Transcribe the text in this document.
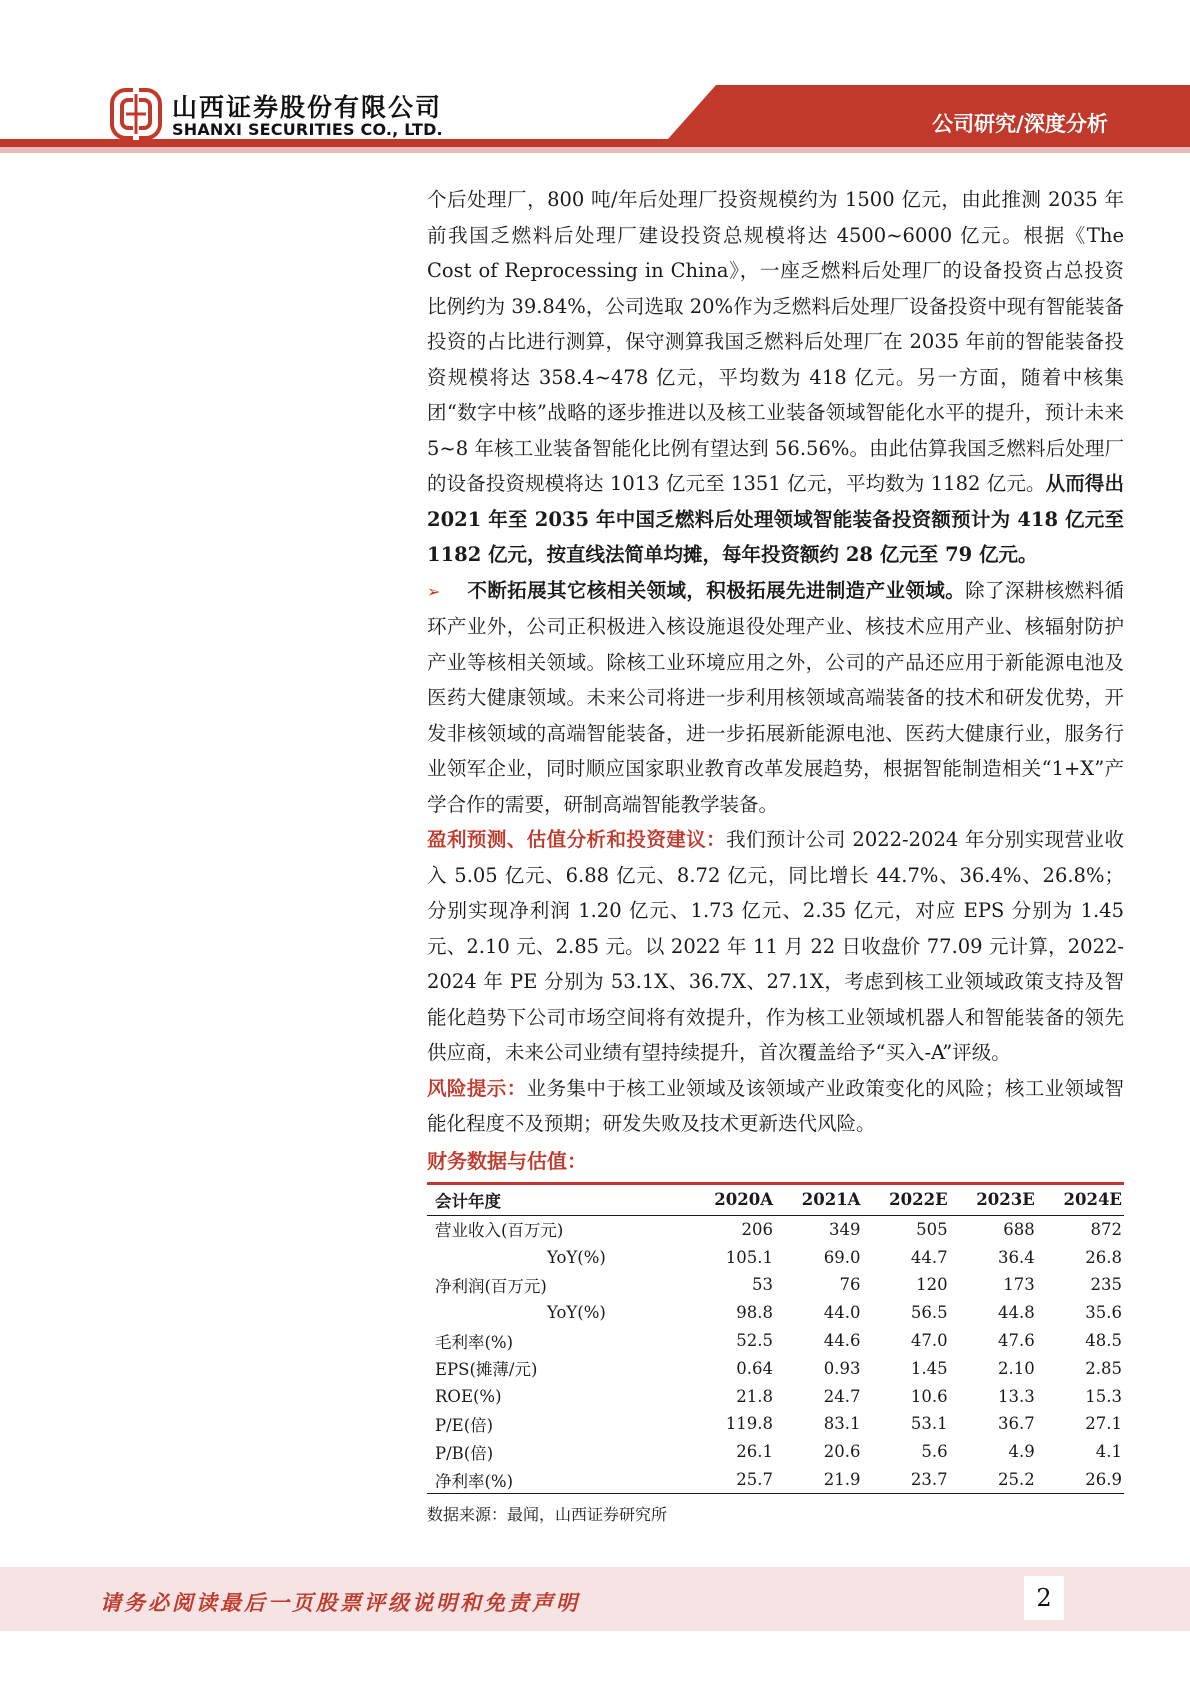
山西证券股份有限公司
SHANXI SECURITIES CO., LTD.	公司研究/深度分析

个后处理厂，800 吨/年后处理厂投资规模约为 1500 亿元，由此推测 2035 年前我国乏燃料后处理厂建设投资总规模将达 4500~6000 亿元。根据《The Cost of Reprocessing in China》，一座乏燃料后处理厂的设备投资占总投资比例约为 39.84%，公司选取 20%作为乏燃料后处理厂设备投资中现有智能装备投资的占比进行测算，保守测算我国乏燃料后处理厂在 2035 年前的智能装备投资规模将达 358.4~478 亿元，平均数为 418 亿元。另一方面，随着中核集团“数字中核”战略的逐步推进以及核工业装备领域智能化水平的提升，预计未来 5~8 年核工业装备智能化比例有望达到 56.56%。由此估算我国乏燃料后处理厂的设备投资规模将达 1013 亿元至 1351 亿元，平均数为 1182 亿元。从而得出 2021 年至 2035 年中国乏燃料后处理领域智能装备投资额预计为 418 亿元至 1182 亿元，按直线法简单均摊，每年投资额约 28 亿元至 79 亿元。

➢ 不断拓展其它核相关领域，积极拓展先进制造产业领域。除了深耕核燃料循环产业外，公司正积极进入核设施退役处理产业、核技术应用产业、核辐射防护产业等核相关领域。除核工业环境应用之外，公司的产品还应用于新能源电池及医药大健康领域。未来公司将进一步利用核领域高端装备的技术和研发优势，开发非核领域的高端智能装备，进一步拓展新能源电池、医药大健康行业，服务行业领军企业，同时顺应国家职业教育改革发展趋势，根据智能制造相关“1+X”产学合作的需要，研制高端智能教学装备。

盈利预测、估值分析和投资建议：我们预计公司 2022-2024 年分别实现营业收入 5.05 亿元、6.88 亿元、8.72 亿元，同比增长 44.7%、36.4%、26.8%；分别实现净利润 1.20 亿元、1.73 亿元、2.35 亿元，对应 EPS 分别为 1.45 元、2.10 元、2.85 元。以 2022 年 11 月 22 日收盘价 77.09 元计算，2022-2024 年 PE 分别为 53.1X、36.7X、27.1X，考虑到核工业领域政策支持及智能化趋势下公司市场空间将有效提升，作为核工业领域机器人和智能装备的领先供应商，未来公司业绩有望持续提升，首次覆盖给予“买入-A”评级。

风险提示：业务集中于核工业领域及该领域产业政策变化的风险；核工业领域智能化程度不及预期；研发失败及技术更新迭代风险。

财务数据与估值：
会计年度	2020A	2021A	2022E	2023E	2024E
营业收入(百万元)	206	349	505	688	872
YoY(%)	105.1	69.0	44.7	36.4	26.8
净利润(百万元)	53	76	120	173	235
YoY(%)	98.8	44.0	56.5	44.8	35.6
毛利率(%)	52.5	44.6	47.0	47.6	48.5
EPS(摊薄/元)	0.64	0.93	1.45	2.10	2.85
ROE(%)	21.8	24.7	10.6	13.3	15.3
P/E(倍)	119.8	83.1	53.1	36.7	27.1
P/B(倍)	26.1	20.6	5.6	4.9	4.1
净利率(%)	25.7	21.9	23.7	25.2	26.9
数据来源：最闻，山西证券研究所
请务必阅读最后一页股票评级说明和免责声明	2
